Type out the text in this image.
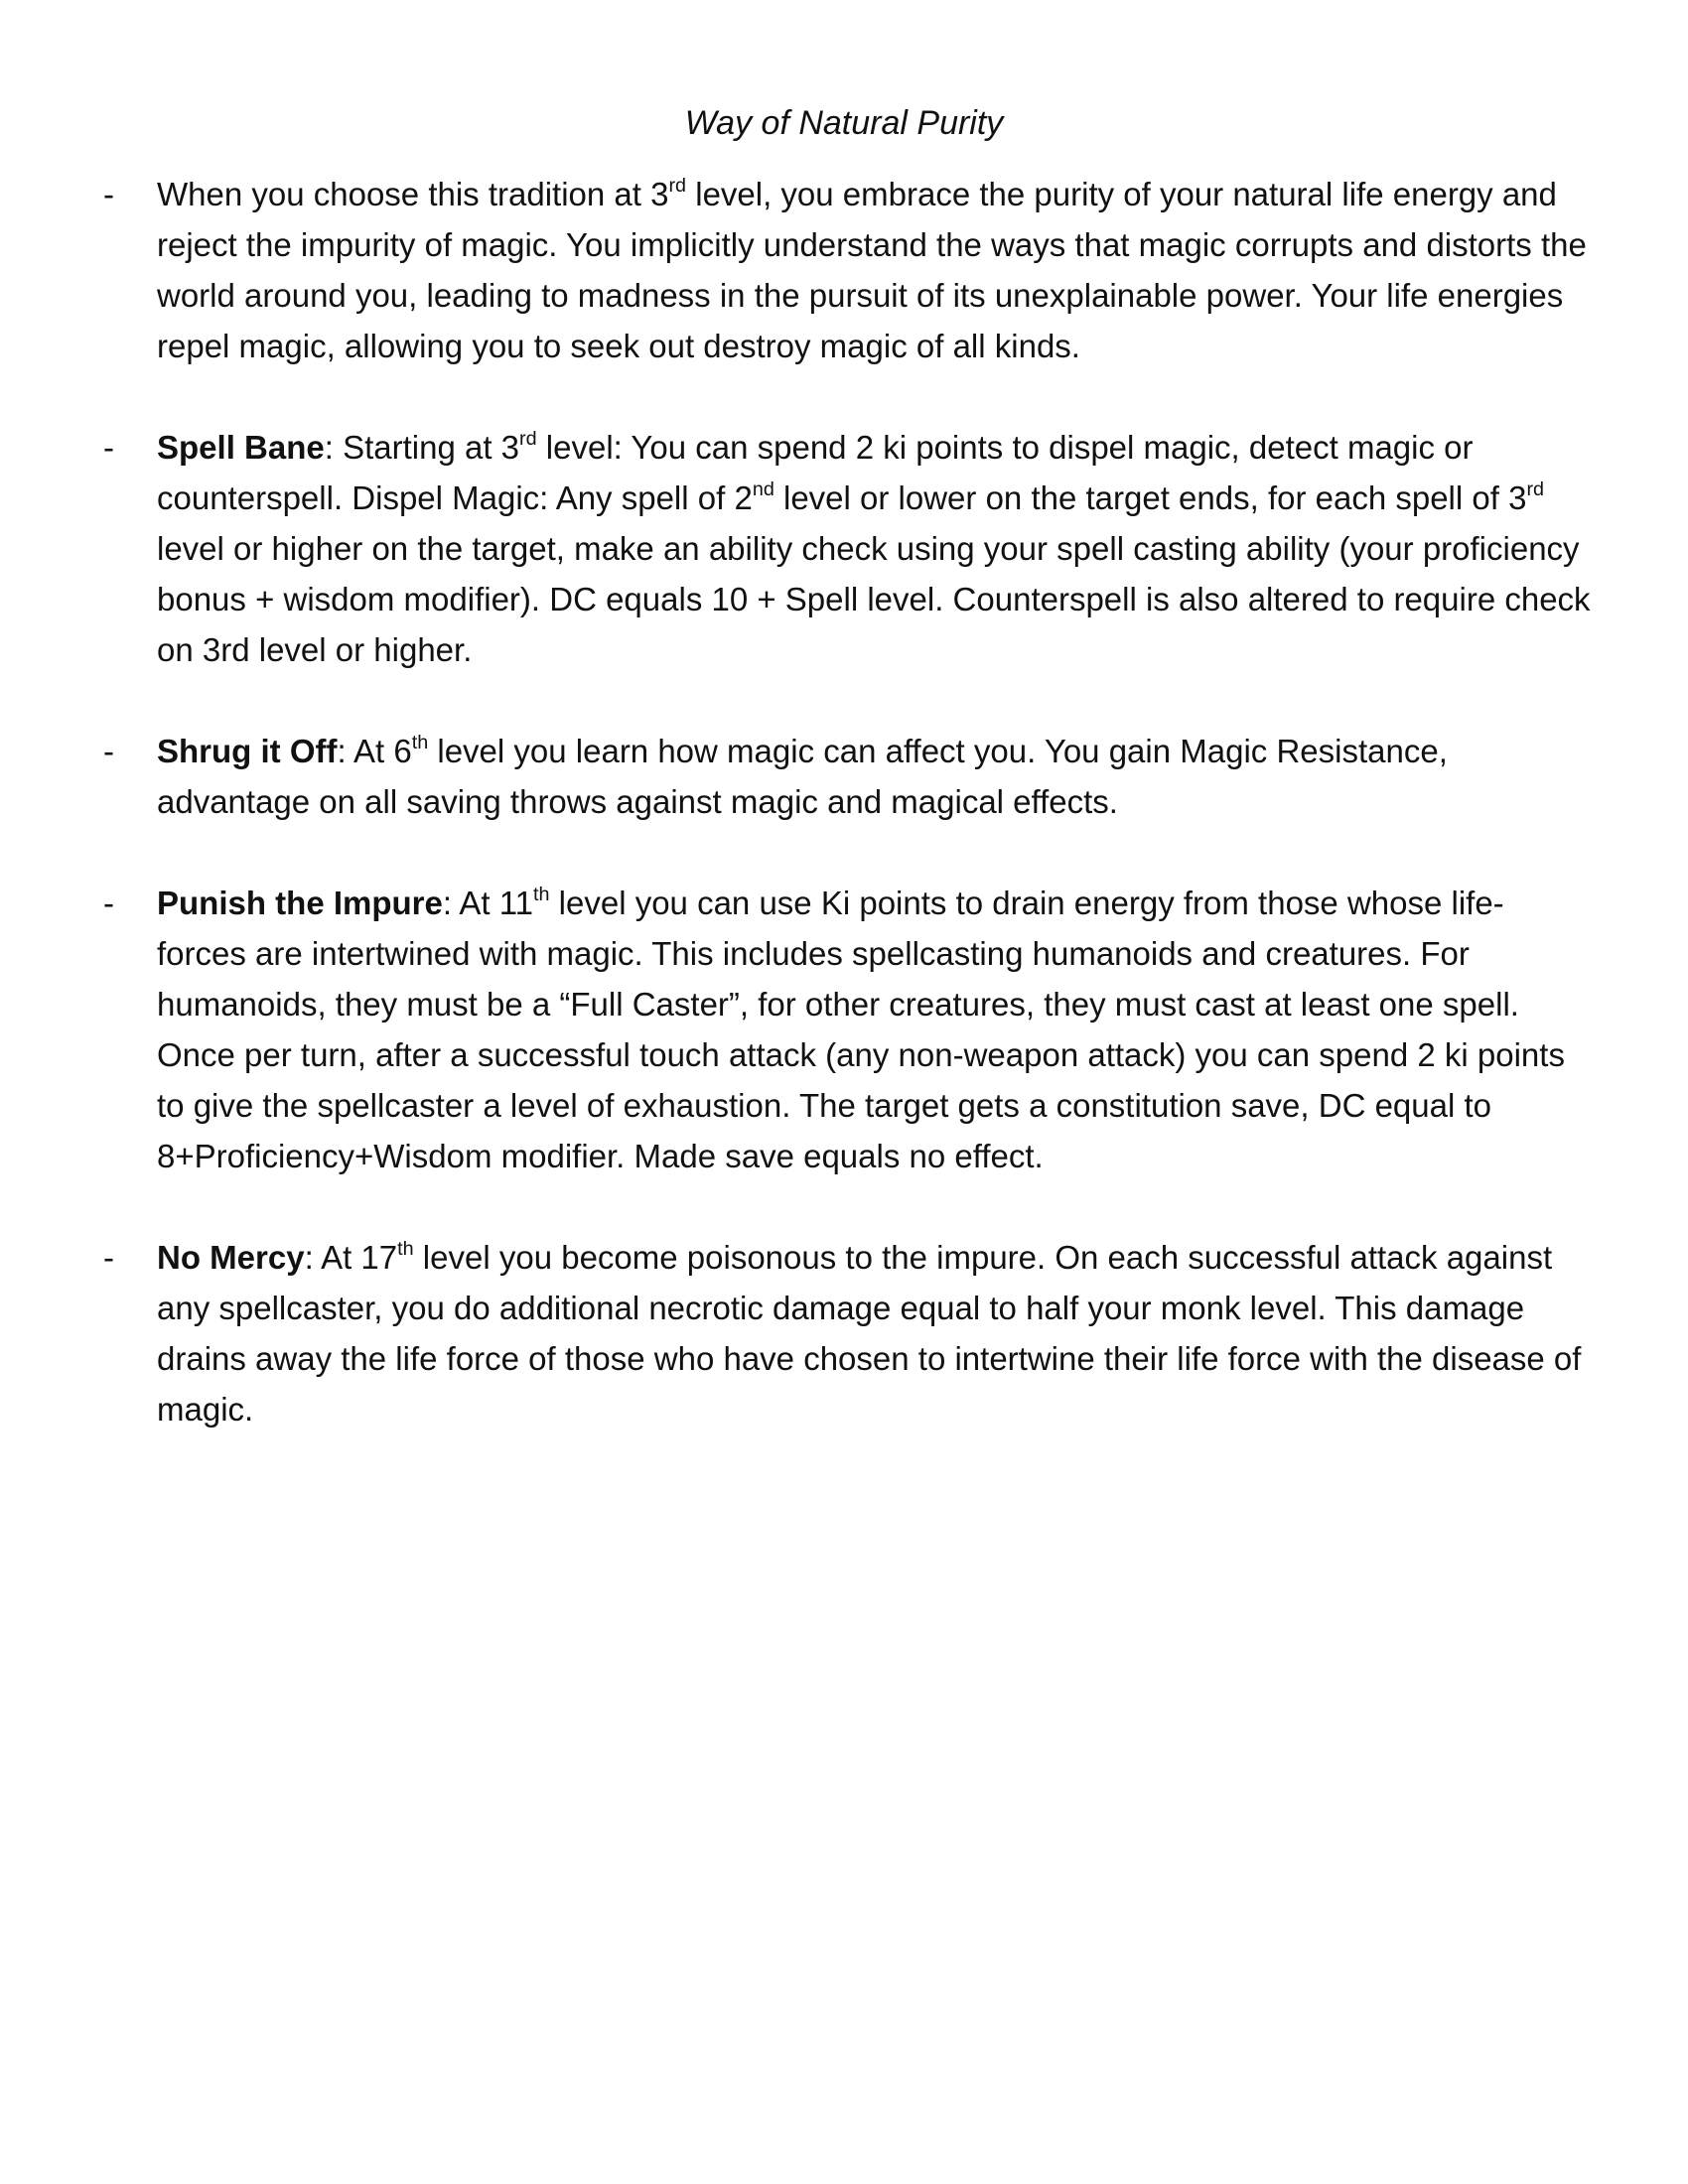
Way of Natural Purity
- When you choose this tradition at 3rd level, you embrace the purity of your natural life energy and reject the impurity of magic. You implicitly understand the ways that magic corrupts and distorts the world around you, leading to madness in the pursuit of its unexplainable power. Your life energies repel magic, allowing you to seek out destroy magic of all kinds.
- Spell Bane: Starting at 3rd level: You can spend 2 ki points to dispel magic, detect magic or counterspell. Dispel Magic: Any spell of 2nd level or lower on the target ends, for each spell of 3rd level or higher on the target, make an ability check using your spell casting ability (your proficiency bonus + wisdom modifier). DC equals 10 + Spell level. Counterspell is also altered to require check on 3rd level or higher.
- Shrug it Off: At 6th level you learn how magic can affect you. You gain Magic Resistance, advantage on all saving throws against magic and magical effects.
- Punish the Impure: At 11th level you can use Ki points to drain energy from those whose life-forces are intertwined with magic. This includes spellcasting humanoids and creatures. For humanoids, they must be a “Full Caster”, for other creatures, they must cast at least one spell. Once per turn, after a successful touch attack (any non-weapon attack) you can spend 2 ki points to give the spellcaster a level of exhaustion. The target gets a constitution save, DC equal to 8+Proficiency+Wisdom modifier. Made save equals no effect.
- No Mercy: At 17th level you become poisonous to the impure. On each successful attack against any spellcaster, you do additional necrotic damage equal to half your monk level. This damage drains away the life force of those who have chosen to intertwine their life force with the disease of magic.
